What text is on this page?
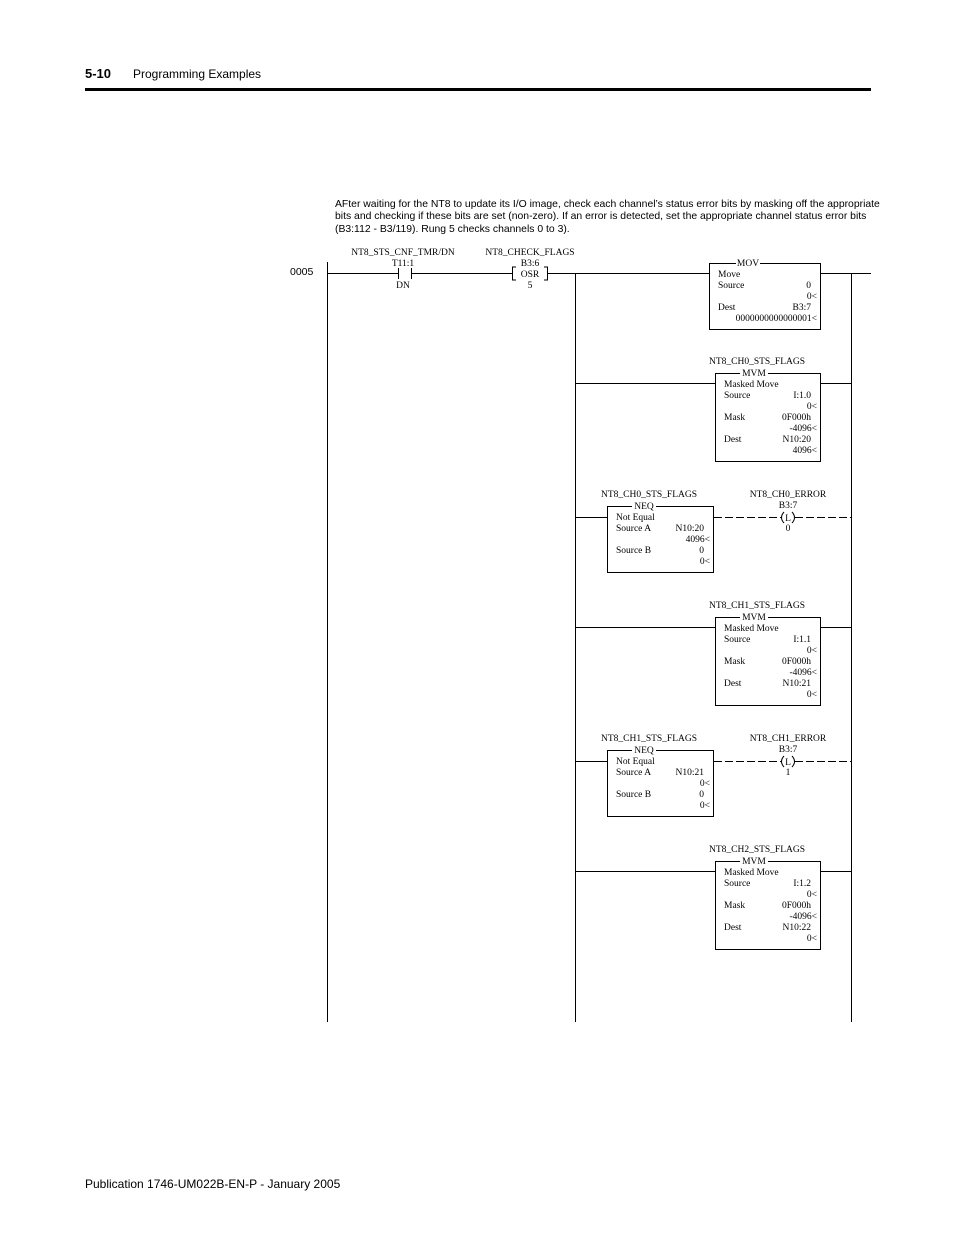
5-10 Programming Examples
AFter waiting for the NT8 to update its I/O image, check each channel’s status error bits by masking off the appropriate
bits and checking if these bits are set (non-zero). If an error is detected, set the appropriate channel status error bits
(B3:112 - B3/119). Rung 5 checks channels 0 to 3).
0005
NT8_STS_CNF_TMR/DN
T11:1
DN
NT8_CHECK_FLAGS
B3:6
OSR
5
MOV
Move
Source	0
0<
Dest	B3:7
0000000000000001<
NT8_CH0_STS_FLAGS
MVM
Masked Move
Source	I:1.0
0<
Mask	0F000h
-4096<
Dest	N10:20
4096<
NT8_CH0_STS_FLAGS
NEQ
Not Equal
Source A	N10:20
4096<
Source B	0
0<
NT8_CH0_ERROR
B3:7
L
0
NT8_CH1_STS_FLAGS
MVM
Masked Move
Source	I:1.1
0<
Mask	0F000h
-4096<
Dest	N10:21
0<
NT8_CH1_STS_FLAGS
NEQ
Not Equal
Source A	N10:21
0<
Source B	0
0<
NT8_CH1_ERROR
B3:7
L
1
NT8_CH2_STS_FLAGS
MVM
Masked Move
Source	I:1.2
0<
Mask	0F000h
-4096<
Dest	N10:22
0<
Publication 1746-UM022B-EN-P - January 2005
